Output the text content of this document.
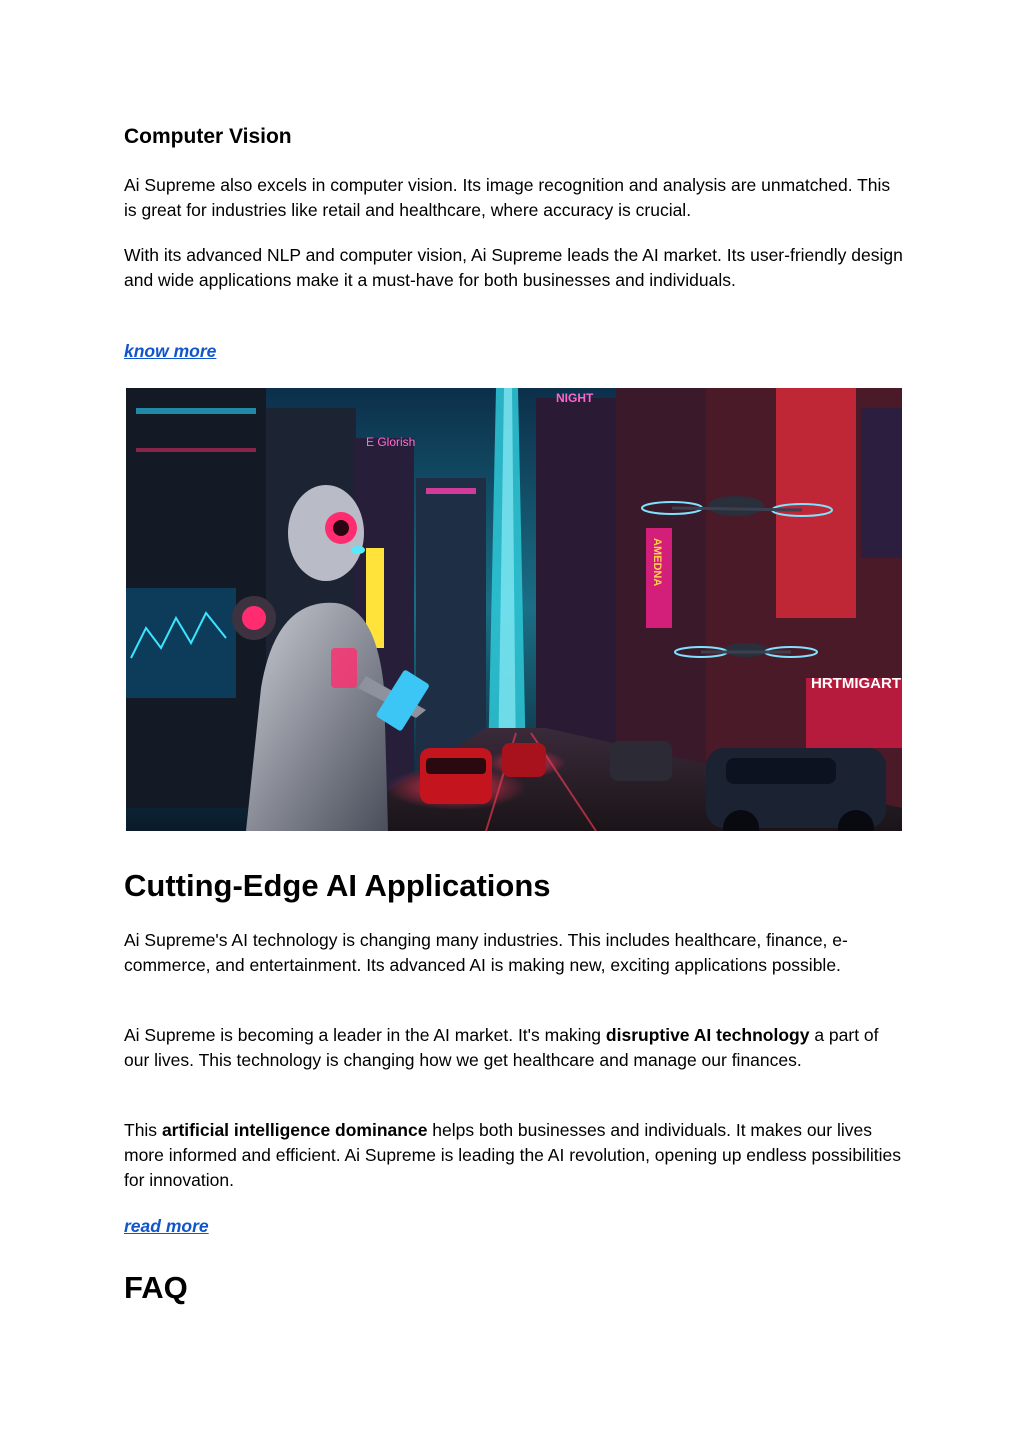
Computer Vision

Ai Supreme also excels in computer vision. Its image recognition and analysis are unmatched. This is great for industries like retail and healthcare, where accuracy is crucial.

With its advanced NLP and computer vision, Ai Supreme leads the AI market. Its user-friendly design and wide applications make it a must-have for both businesses and individuals.

know more
Cutting-Edge AI Applications

Ai Supreme's AI technology is changing many industries. This includes healthcare, finance, e-commerce, and entertainment. Its advanced AI is making new, exciting applications possible.

Ai Supreme is becoming a leader in the AI market. It's making disruptive AI technology a part of our lives. This technology is changing how we get healthcare and manage our finances.

This artificial intelligence dominance helps both businesses and individuals. It makes our lives more informed and efficient. Ai Supreme is leading the AI revolution, opening up endless possibilities for innovation.

read more
FAQ
E Glorish
NIGHT
AMEDNA
HRTMIGART
